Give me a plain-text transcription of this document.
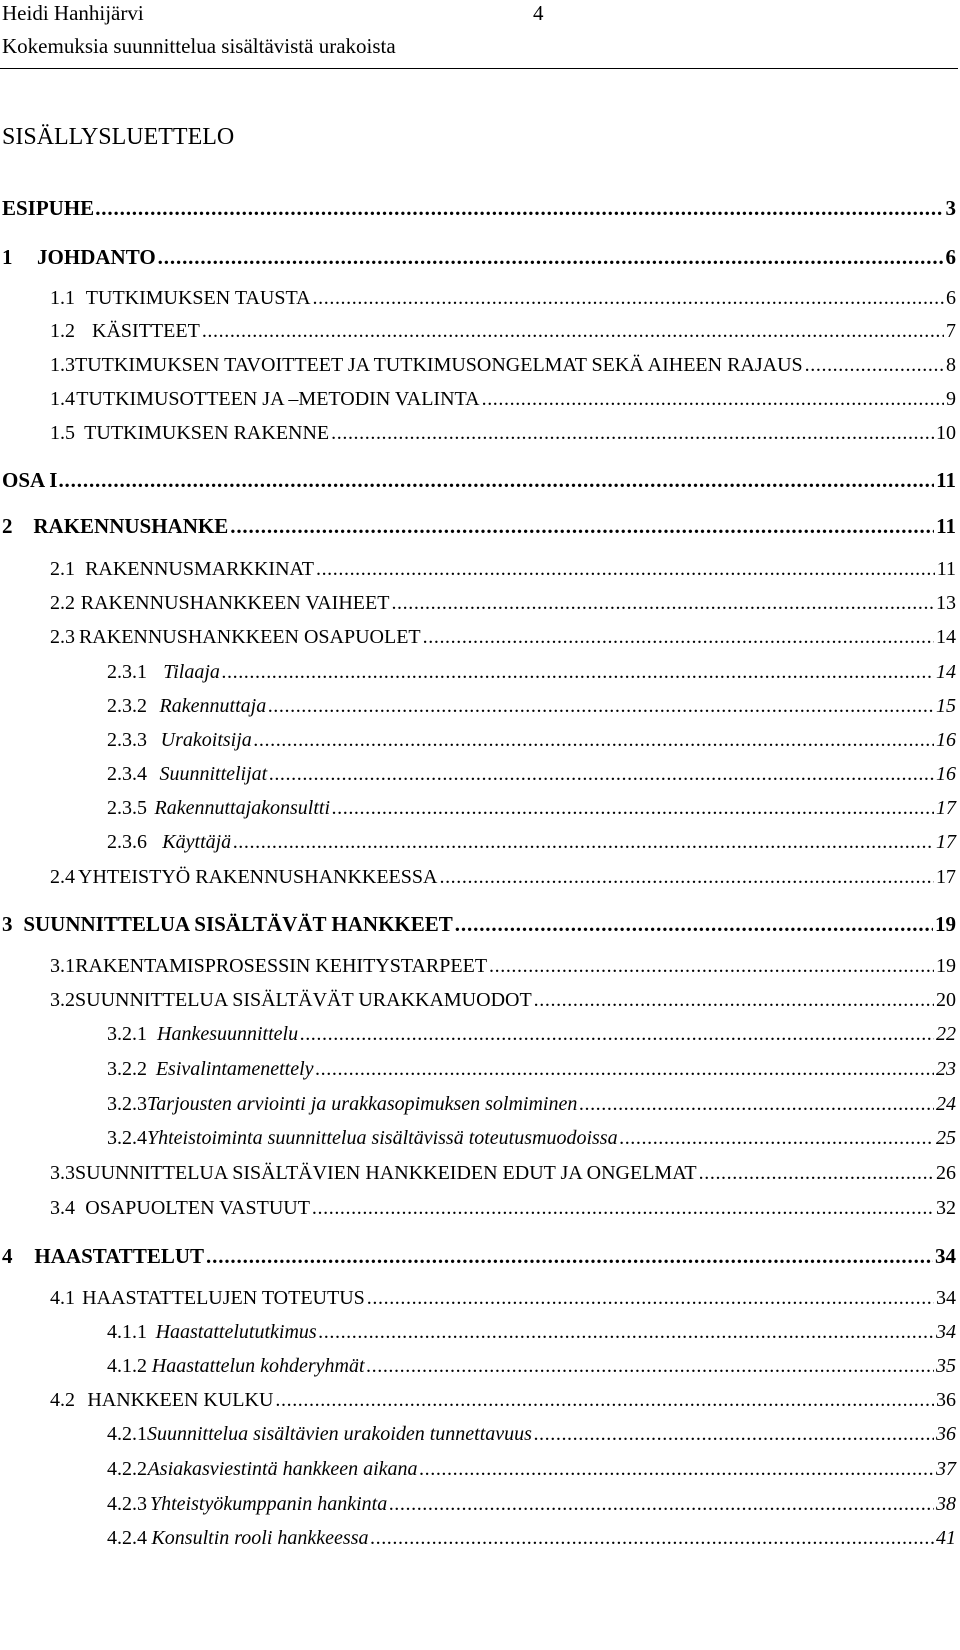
Heidi Hanhijärvi	4
Kokemuksia suunnittelua sisältävistä urakoista
SISÄLLYSLUETTELO
ESIPUHE . . .	3
1	JOHDANTO . . .	6
1.1 TUTKIMUKSEN TAUSTA . . .	6
1.2 KÄSITTEET . . .	7
1.3 TUTKIMUKSEN TAVOITTEET JA TUTKIMUSONGELMAT SEKÄ AIHEEN RAJAUS . . .	8
1.4 TUTKIMUSOTTEEN JA –METODIN VALINTA . . .	9
1.5 TUTKIMUKSEN RAKENNE . . .	10
OSA I . . .	11
2 RAKENNUSHANKE . . .	11
2.1 RAKENNUSMARKKINAT . . .	11
2.2 RAKENNUSHANKKEEN VAIHEET . . .	13
2.3 RAKENNUSHANKKEEN OSAPUOLET . . .	14
2.3.1 Tilaaja . . .	14
2.3.2 Rakennuttaja . . .	15
2.3.3 Urakoitsija . . .	16
2.3.4 Suunnittelijat . . .	16
2.3.5 Rakennuttajakonsultti . . .	17
2.3.6 Käyttäjä . . .	17
2.4 YHTEISTYÖ RAKENNUSHANKKEESSA . . .	17
3 SUUNNITTELUA SISÄLTÄVÄT HANKKEET . . .	19
3.1 RAKENTAMISPROSESSIN KEHITYSTARPEET . . .	19
3.2 SUUNNITTELUA SISÄLTÄVÄT URAKKAMUODOT . . .	20
3.2.1 Hankesuunnittelu . . .	22
3.2.2 Esivalintamenettely . . .	23
3.2.3 Tarjousten arviointi ja urakkasopimuksen solmiminen . . .	24
3.2.4 Yhteistoiminta suunnittelua sisältävissä toteutusmuodoissa . . .	25
3.3 SUUNNITTELUA SISÄLTÄVIEN HANKKEIDEN EDUT JA ONGELMAT . . .	26
3.4 OSAPUOLTEN VASTUUT . . .	32
4	HAASTATTELUT . . .	34
4.1 HAASTATTELUJEN TOTEUTUS . . .	34
4.1.1 Haastattelututkimus . . .	34
4.1.2 Haastattelun kohderyhmät . . .	35
4.2 HANKKEEN KULKU . . .	36
4.2.1 Suunnittelua sisältävien urakoiden tunnettavuus . . .	36
4.2.2 Asiakasviestintä hankkeen aikana . . .	37
4.2.3 Yhteistyökumppanin hankinta . . .	38
4.2.4 Konsultin rooli hankkeessa . . .	41
